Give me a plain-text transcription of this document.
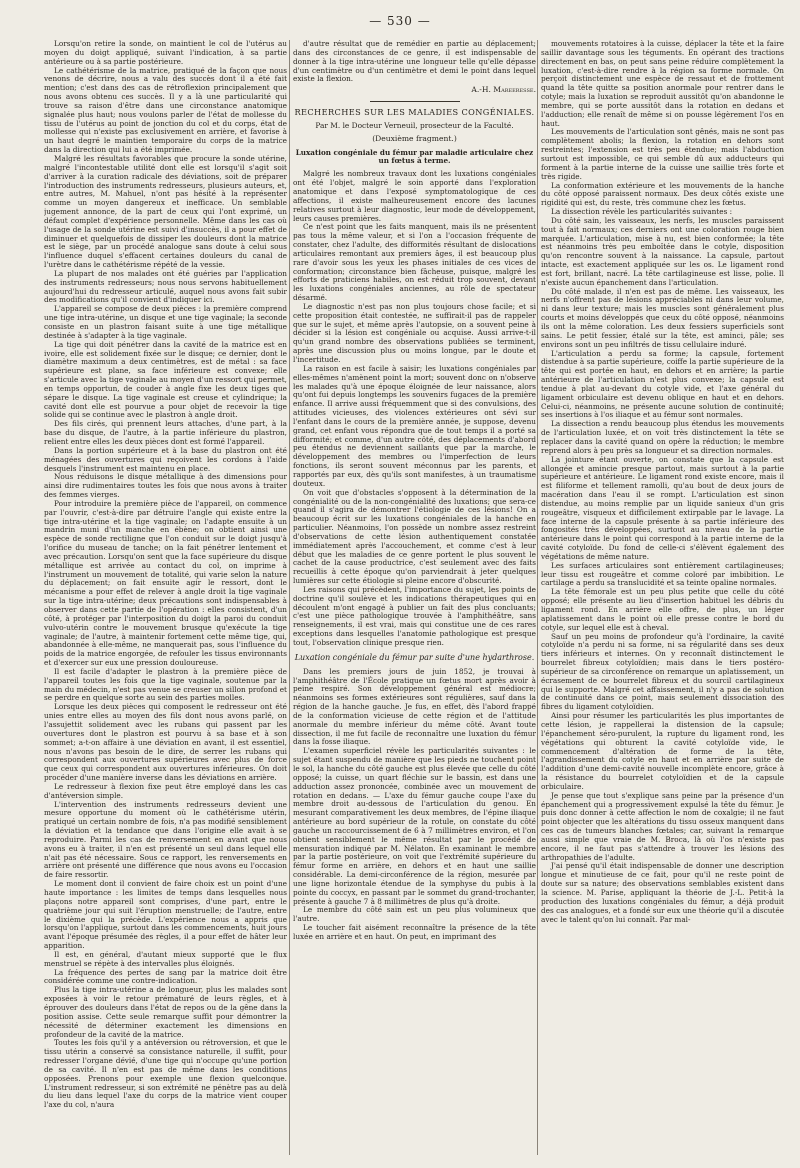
— 530 —

Lorsqu'on retire la sonde, on maintient le col de l'utérus au moyen du doigt appliqué, suivant l'indication, à sa partie antérieure ou à sa partie postérieure.

Le cathétérisme de la matrice, pratiqué de la façon que nous venons de décrire, nous a valu des succès dont il a été fait mention; c'est dans des cas de rétroflexion principalement que nous avons obtenu ces succès. Il y a là une particularité qui trouve sa raison d'être dans une circonstance anatomique signalée plus haut; nous voulons parler de l'état de mollesse du tissu de l'utérus au point de jonction du col et du corps, état de mollesse qui n'existe pas exclusivement en arrière, et favorise à un haut degré le maintien temporaire du corps de la matrice dans la direction qui lui a été imprimée.

Malgré les résultats favorables que procure la sonde utérine, malgré l'incontestable utilité dont elle est lorsqu'il s'agit soit d'arriver à la curation radicale des déviations, soit de préparer l'introduction des instruments redresseurs, plusieurs auteurs, et, entre autres, M. Mahuel, n'ont pas hésité à la représenter comme un moyen dangereux et inefficace. Un semblable jugement annonce, de la part de ceux qui l'ont exprimé, un défaut complet d'expérience personnelle. Même dans les cas où l'usage de la sonde utérine est suivi d'insuccès, il a pour effet de diminuer et quelquefois de dissiper les douleurs dont la matrice est le siège, par un procédé analogue sans doute à celui sous l'influence duquel s'effacent certaines douleurs du canal de l'urètre dans le cathétérisme répété de la vessie.

La plupart de nos malades ont été guéries par l'application des instruments redresseurs; nous nous servons habituellement aujourd'hui du redresseur articulé, auquel nous avons fait subir des modifications qu'il convient d'indiquer ici.

L'appareil se compose de deux pièces : la première comprend une tige intra-utérine, un disque et une tige vaginale; la seconde consiste en un plastron faisant suite à une tige métallique destinée à s'adapter à la tige vaginale.

La tige qui doit pénétrer dans la cavité de la matrice est en ivoire, elle est solidement fixée sur le disque; ce dernier, dont le diamètre maximum a deux centimètres, est de métal : sa face supérieure est plane, sa face inférieure est convexe; elle s'articule avec la tige vaginale au moyen d'un ressort qui permet, en temps opportun, de couder à angle fixe les deux tiges que sépare le disque. La tige vaginale est creuse et cylindrique; la cavité dont elle est pourvue a pour objet de recevoir la tige solide qui se continue avec le plastron à angle droit.

Des fils cirés, qui prennent leurs attaches, d'une part, à la base du disque, de l'autre, à la partie inférieure du plastron, relient entre elles les deux pièces dont est formé l'appareil.

Dans la portion supérieure et à la base du plastron ont été ménagées des ouvertures qui reçoivent les cordons à l'aide desquels l'instrument est maintenu en place.

Nous réduisons le disque métallique à des dimensions pour ainsi dire rudimentaires toutes les fois que nous avons à traiter des femmes vierges.

Pour introduire la première pièce de l'appareil, on commence par l'ouvrir, c'est-à-dire par détruire l'angle qui existe entre la tige intra-utérine et la tige vaginale; on l'adapte ensuite à un mandrin muni d'un manche en ébène; on obtient ainsi une espèce de sonde rectiligne que l'on conduit sur le doigt jusqu'à l'orifice du museau de tanche; on la fait pénétrer lentement et avec précaution. Lorsqu'on sent que la face supérieure du disque métallique est arrivée au contact du col, on imprime à l'instrument un mouvement de totalité, qui varie selon la nature du déplacement; on fait ensuite agir le ressort, dont le mécanisme a pour effet de relever à angle droit la tige vaginale sur la tige intra-utérine; deux précautions sont indispensables à observer dans cette partie de l'opération : elles consistent, d'un côté, à protéger par l'interposition du doigt la paroi du conduit vulvo-utérin contre le mouvement brusque qu'exécute la tige vaginale; de l'autre, à maintenir fortement cette même tige, qui, abandonnée à elle-même, ne manquerait pas, sous l'influence du poids de la matrice engorgée, de refouler les tissus environnants et d'exercer sur eux une pression douloureuse.

Il est facile d'adapter le plastron à la première pièce de l'appareil toutes les fois que la tige vaginale, soutenue par la main du médecin, n'est pas venue se creuser un sillon profond et se perdre en quelque sorte au sein des parties molles.

Lorsque les deux pièces qui composent le redresseur ont été unies entre elles au moyen des fils dont nous avons parlé, on l'assujettit solidement avec les rubans qui passent par les ouvertures dont le plastron est pourvu à sa base et à son sommet; a-t-on affaire à une déviation en avant, il est essentiel, nous n'avons pas besoin de le dire, de serrer les rubans qui correspondent aux ouvertures supérieures avec plus de force que ceux qui correspondent aux ouvertures inférieures. On doit procéder d'une manière inverse dans les déviations en arrière.

Le redresseur à flexion fixe peut être employé dans les cas d'antéversion simple.

L'intervention des instruments redresseurs devient une mesure opportune du moment où le cathétérisme utérin, pratiqué un certain nombre de fois, n'a pas modifié sensiblement la déviation et la tendance que dans l'origine elle avait à se reproduire. Parmi les cas de renversement en avant que nous avons eu à traiter, il n'en est présenté un seul dans lequel elle n'ait pas été nécessaire. Sous ce rapport, les renversements en arrière ont présenté une différence que nous avons eu l'occasion de faire ressortir.

Le moment dont il convient de faire choix est un point d'une haute importance : les limites de temps dans lesquelles nous plaçons notre appareil sont comprises, d'une part, entre le quatrième jour qui suit l'éruption menstruelle; de l'autre, entre le dixième qui la précède. L'expérience nous a appris que lorsqu'on l'applique, surtout dans les commencements, huit jours avant l'époque présumée des règles, il a pour effet de hâter leur apparition.

Il est, en général, d'autant mieux supporté que le flux menstruel se répète à des intervalles plus éloignés.

La fréquence des pertes de sang par la matrice doit être considérée comme une contre-indication.

Plus la tige intra-utérine a de longueur, plus les malades sont exposées à voir le retour prématuré de leurs règles, et à éprouver des douleurs dans l'état de repos ou de la gêne dans la position assise. Cette seule remarque suffit pour démontrer la nécessité de déterminer exactement les dimensions en profondeur de la cavité de la matrice.

Toutes les fois qu'il y a antéversion ou rétroversion, et que le tissu utérin a conservé sa consistance naturelle, il suffit, pour redresser l'organe dévié, d'une tige qui n'occupe qu'une portion de sa cavité. Il n'en est pas de même dans les conditions opposées. Prenons pour exemple une flexion quelconque. L'instrument redresseur, si son extrémité ne pénètre pas au delà du lieu dans lequel l'axe du corps de la matrice vient couper l'axe du col, n'aura

d'autre résultat que de remédier en partie au déplacement; dans des circonstances de ce genre, il est indispensable de donner à la tige intra-utérine une longueur telle qu'elle dépasse d'un centimètre ou d'un centimètre et demi le point dans lequel existe la flexion.

A.-H. Mareeresse.

RECHERCHES SUR LES MALADIES CONGÉNIALES.

Par M. le Docteur Verneuil, prosecteur de la Faculté.

(Deuxième fragment.)

Luxation congéniale du fémur par maladie articulaire chez un fœtus à terme.

Malgré les nombreux travaux dont les luxations congéniales ont été l'objet, malgré le soin apporté dans l'exploration anatomique et dans l'exposé symptomatologique de ces affections, il existe malheureusement encore des lacunes relatives surtout à leur diagnostic, leur mode de développement, leurs causes premières.

Ce n'est point que les faits manquent, mais ils ne présentent pas tous la même valeur, et si l'on a l'occasion fréquente de constater, chez l'adulte, des difformités résultant de dislocations articulaires remontant aux premiers âges, il est beaucoup plus rare d'avoir sous les yeux les phases initiales de ces vices de conformation; circonstance bien fâcheuse, puisque, malgré les efforts de praticiens habiles, on est réduit trop souvent, devant les luxations congéniales anciennes, au rôle de spectateur désarmé.

Le diagnostic n'est pas non plus toujours chose facile; et si cette proposition était contestée, ne suffirait-il pas de rappeler que sur le sujet, et même après l'autopsie, on a souvent peine à décider si la lésion est congéniale ou acquise. Aussi arrive-t-il qu'un grand nombre des observations publiées se terminent, après une discussion plus ou moins longue, par le doute et l'incertitude.

La raison en est facile à saisir; les luxations congéniales par elles-mêmes n'amènent point la mort; souvent donc on n'observe les malades qu'à une époque éloignée de leur naissance, alors qu'ont fui depuis longtemps les souvenirs fugaces de la première enfance. Il arrive aussi fréquemment que si des convulsions, des attitudes vicieuses, des violences extérieures ont sévi sur l'enfant dans le cours de la première année, je suppose, devenu grand, cet enfant vous répondra que de tout temps il a porté sa difformité; et comme, d'un autre côté, des déplacements d'abord peu étendus ne deviennent saillants que par la marche, le développement des membres ou l'imperfection de leurs fonctions, ils seront souvent méconnus par les parents, et rapportés par eux, dès qu'ils sont manifestes, à un traumatisme douteux.

On voit que d'obstacles s'opposent à la détermination de la congénialité ou de la non-congénialité des luxations; que sera-ce quand il s'agira de démontrer l'étiologie de ces lésions! On a beaucoup écrit sur les luxations congéniales de la hanche en particulier. Néanmoins, l'on possède un nombre assez restreint d'observations de cette lésion authentiquement constatée immédiatement après l'accouchement, et comme c'est à leur début que les maladies de ce genre portent le plus souvent le cachet de la cause productrice, c'est seulement avec des faits recueillis à cette époque qu'on parviendrait à jeter quelques lumières sur cette étiologie si pleine encore d'obscurité.

Les raisons qui précèdent, l'importance du sujet, les points de doctrine qu'il soulève et les indications thérapeutiques qui en découlent m'ont engagé à publier un fait des plus concluants; c'est une pièce pathologique trouvée à l'amphithéâtre, sans renseignements, il est vrai, mais qui constitue une de ces rares exceptions dans lesquelles l'anatomie pathologique est presque tout, l'observation clinique presque rien.

Luxation congéniale du fémur par suite d'une hydarthrose.

Dans les premiers jours de juin 1852, je trouvai à l'amphithéâtre de l'École pratique un fœtus mort après avoir à peine respiré. Son développement général est médiocre; néanmoins ses formes extérieures sont régulières, sauf dans la région de la hanche gauche. Je fus, en effet, dès l'abord frappé de la conformation vicieuse de cette région et de l'attitude anormale du membre inférieur du même côté. Avant toute dissection, il me fut facile de reconnaître une luxation du fémur dans la fosse iliaque.

L'examen superficiel révèle les particularités suivantes : le sujet étant suspendu de manière que les pieds ne touchent point le sol, la hanche du côté gauche est plus élevée que celle du côté opposé; la cuisse, un quart fléchie sur le bassin, est dans une adduction assez prononcée, combinée avec un mouvement de rotation en dedans. — L'axe du fémur gauche coupe l'axe du membre droit au-dessous de l'articulation du genou. En mesurant comparativement les deux membres, de l'épine iliaque antérieure au bord supérieur de la rotule, on constate du côté gauche un raccourcissement de 6 à 7 millimètres environ, et l'on obtient sensiblement le même résultat par le procédé de mensuration indiqué par M. Nélaton. En examinant le membre par la partie postérieure, on voit que l'extrémité supérieure du fémur forme en arrière, en dehors et en haut une saillie considérable. La demi-circonférence de la région, mesurée par une ligne horizontale étendue de la symphyse du pubis à la pointe du coccyx, en passant par le sommet du grand-trochanter, présente à gauche 7 à 8 millimètres de plus qu'à droite.

Le membre du côté sain est un peu plus volumineux que l'autre.

Le toucher fait aisément reconnaître la présence de la tête luxée en arrière et en haut. On peut, en imprimant des

mouvements rotatoires à la cuisse, déplacer la tête et la faire saillir davantage sous les téguments. En opérant des tractions directement en bas, on peut sans peine réduire complètement la luxation, c'est-à-dire rendre à la région sa forme normale. On perçoit distinctement une espèce de ressaut et de frottement quand la tête quitte sa position anormale pour rentrer dans le cotyle; mais la luxation se reproduit aussitôt qu'on abandonne le membre, qui se porte aussitôt dans la rotation en dedans et l'adduction; elle renaît de même si on pousse légèrement l'os en haut.

Les mouvements de l'articulation sont gênés, mais ne sont pas complètement abolis; la flexion, la rotation en dehors sont restreintes; l'extension est très peu étendue; mais l'abduction surtout est impossible, ce qui semble dû aux adducteurs qui forment à la partie interne de la cuisse une saillie très forte et très rigide.

La conformation extérieure et les mouvements de la hanche du côté opposé paraissent normaux. Des deux côtés existe une rigidité qui est, du reste, très commune chez les fœtus.

La dissection révèle les particularités suivantes :

Du côté sain, les vaisseaux, les nerfs, les muscles paraissent tout à fait normaux; ces derniers ont une coloration rouge bien marquée. L'articulation, mise à nu, est bien conformée; la tête est néanmoins très peu emboîtée dans le cotyle, disposition qu'on rencontre souvent à la naissance. La capsule, partout intacte, est exactement appliquée sur les os. Le ligament rond est fort, brillant, nacré. La tête cartilagineuse est lisse, polie. Il n'existe aucun épanchement dans l'articulation.

Du côté malade, il n'en est pas de même. Les vaisseaux, les nerfs n'offrent pas de lésions appréciables ni dans leur volume, ni dans leur texture; mais les muscles sont généralement plus courts et moins développés que ceux du côté opposé, néanmoins ils ont la même coloration. Les deux fessiers superficiels sont sains. Le petit fessier, étalé sur la tête, est aminci, pâle; ses environs sont un peu infiltrés de tissu cellulaire induré.

L'articulation a perdu sa forme; la capsule, fortement distendue à sa partie supérieure, coiffe la partie supérieure de la tête qui est portée en haut, en dehors et en arrière; la partie antérieure de l'articulation n'est plus convexe; la capsule est tendue à plat au-devant du cotyle vide, et l'axe général du ligament orbiculaire est devenu oblique en haut et en dehors. Celui-ci, néanmoins, ne présente aucune solution de continuité; ses insertions à l'os iliaque et au fémur sont normales.

La dissection a rendu beaucoup plus étendus les mouvements de l'articulation luxée, et on voit très distinctement la tête se replacer dans la cavité quand on opère la réduction; le membre reprend alors à peu près sa longueur et sa direction normales.

La jointure étant ouverte, on constate que la capsule est allongée et amincie presque partout, mais surtout à la partie supérieure et antérieure. Le ligament rond existe encore, mais il est filiforme et tellement ramolli, qu'au bout de deux jours de macération dans l'eau il se rompt. L'articulation est sinon distendue, au moins remplie par un liquide sanieux d'un gris rougeâtre, visqueux et difficilement extirpable par le lavage. La face interne de la capsule présente à sa partie inférieure des fongosités très développées, surtout au niveau de la partie antérieure dans le point qui correspond à la partie interne de la cavité cotyloïde. Du fond de celle-ci s'élèvent également des végétations de même nature.

Les surfaces articulaires sont entièrement cartilagineuses; leur tissu est rougeâtre et comme coloré par imbibition. Le cartilage a perdu sa translucidité et sa teinte opaline normales.

La tête fémorale est un peu plus petite que celle du côté opposé; elle présente au lieu d'insertion habituel les débris du ligament rond. En arrière elle offre, de plus, un léger aplatissement dans le point où elle presse contre le bord du cotyle, sur lequel elle est à cheval.

Sauf un peu moins de profondeur qu'à l'ordinaire, la cavité cotyloïde n'a perdu ni sa forme, ni sa régularité dans ses deux tiers inférieurs et internes. On y reconnaît distinctement le bourrelet fibreux cotyloïdien; mais dans le tiers postéro-supérieur de sa circonférence on remarque un aplatissement, un écrasement de ce bourrelet fibreux et du sourcil cartilagineux qui le supporte. Malgré cet affaissement, il n'y a pas de solution de continuité dans ce point, mais seulement dissociation des fibres du ligament cotyloïdien.

Ainsi pour résumer les particularités les plus importantes de cette lésion, je rappellerai la distension de la capsule; l'épanchement séro-purulent, la rupture du ligament rond, les végétations qui obturent la cavité cotyloïde vide, le commencement d'altération de forme de la tête, l'agrandissement du cotyle en haut et en arrière par suite de l'addition d'une demi-cavité nouvelle incomplète encore, grâce à la résistance du bourrelet cotyloïdien et de la capsule orbiculaire.

Je pense que tout s'explique sans peine par la présence d'un épanchement qui a progressivement expulsé la tête du fémur. Je puis donc donner à cette affection le nom de coxalgie; il ne faut point objecter que les altérations du tissu osseux manquent dans ces cas de tumeurs blanches fœtales; car, suivant la remarque aussi simple que vraie de M. Broca, là où l'os n'existe pas encore, il ne faut pas s'attendre à trouver les lésions des arthropathies de l'adulte.

J'ai pensé qu'il était indispensable de donner une description longue et minutieuse de ce fait, pour qu'il ne reste point de doute sur sa nature; des observations semblables existent dans la science. M. Parise, appliquant la théorie de J.-L. Petit-à la production des luxations congéniales du fémur, a déjà produit des cas analogues, et a fondé sur eux une théorie qu'il a discutée avec le talent qu'on lui connaît. Par mal-
